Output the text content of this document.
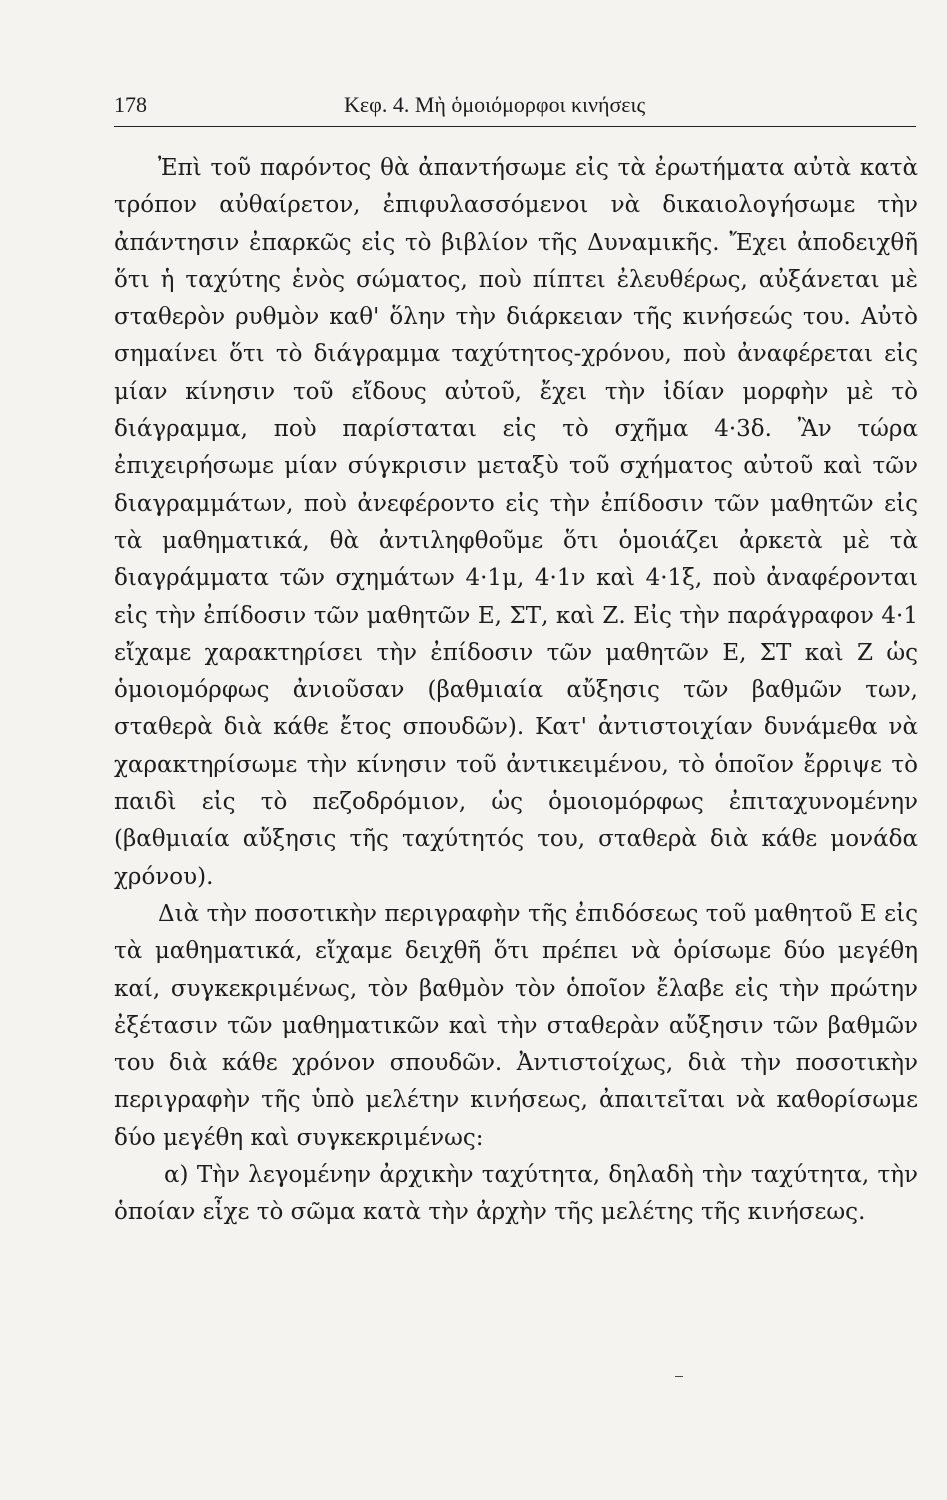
178	Κεφ. 4. Μὴ ὁμοιόμορφοι κινήσεις

Ἐπὶ τοῦ παρόντος θὰ ἀπαντήσωμε εἰς τὰ ἐρωτήματα αὐτὰ κατὰ τρόπον αὐθαίρετον, ἐπιφυλασσόμενοι νὰ δικαιολογήσωμε τὴν ἀπάντησιν ἐπαρκῶς εἰς τὸ βιβλίον τῆς Δυναμικῆς. Ἔχει ἀποδειχθῆ ὅτι ἡ ταχύτης ἑνὸς σώματος, ποὺ πίπτει ἐλευθέρως, αὐξάνεται μὲ σταθερὸν ρυθμὸν καθ' ὅλην τὴν διάρκειαν τῆς κινήσεώς του. Αὐτὸ σημαίνει ὅτι τὸ διάγραμμα ταχύτητος-χρόνου, ποὺ ἀναφέρεται εἰς μίαν κίνησιν τοῦ εἴδους αὐτοῦ, ἔχει τὴν ἰδίαν μορφὴν μὲ τὸ διάγραμμα, ποὺ παρίσταται εἰς τὸ σχῆμα 4·3δ. Ἂν τώρα ἐπιχειρήσωμε μίαν σύγκρισιν μεταξὺ τοῦ σχήματος αὐτοῦ καὶ τῶν διαγραμμάτων, ποὺ ἀνεφέροντο εἰς τὴν ἐπίδοσιν τῶν μαθητῶν εἰς τὰ μαθηματικά, θὰ ἀντιληφθοῦμε ὅτι ὁμοιάζει ἀρκετὰ μὲ τὰ διαγράμματα τῶν σχημάτων 4·1μ, 4·1ν καὶ 4·1ξ, ποὺ ἀναφέρονται εἰς τὴν ἐπίδοσιν τῶν μαθητῶν Ε, ΣΤ, καὶ Ζ. Εἰς τὴν παράγραφον 4·1 εἴχαμε χαρακτηρίσει τὴν ἐπίδοσιν τῶν μαθητῶν Ε, ΣΤ καὶ Ζ ὡς ὁμοιομόρφως ἀνιοῦσαν (βαθμιαία αὔξησις τῶν βαθμῶν των, σταθερὰ διὰ κάθε ἔτος σπουδῶν). Κατ' ἀντιστοιχίαν δυνάμεθα νὰ χαρακτηρίσωμε τὴν κίνησιν τοῦ ἀντικειμένου, τὸ ὁποῖον ἔρριψε τὸ παιδὶ εἰς τὸ πεζοδρόμιον, ὡς ὁμοιομόρφως ἐπιταχυνομένην (βαθμιαία αὔξησις τῆς ταχύτητός του, σταθερὰ διὰ κάθε μονάδα χρόνου).

Διὰ τὴν ποσοτικὴν περιγραφὴν τῆς ἐπιδόσεως τοῦ μαθητοῦ Ε εἰς τὰ μαθηματικά, εἴχαμε δειχθῆ ὅτι πρέπει νὰ ὁρίσωμε δύο μεγέθη καί, συγκεκριμένως, τὸν βαθμὸν τὸν ὁποῖον ἔλαβε εἰς τὴν πρώτην ἐξέτασιν τῶν μαθηματικῶν καὶ τὴν σταθερὰν αὔξησιν τῶν βαθμῶν του διὰ κάθε χρόνον σπουδῶν. Ἀντιστοίχως, διὰ τὴν ποσοτικὴν περιγραφὴν τῆς ὑπὸ μελέτην κινήσεως, ἀπαιτεῖται νὰ καθορίσωμε δύο μεγέθη καὶ συγκεκριμένως:

α) Τὴν λεγομένην ἀρχικὴν ταχύτητα, δηλαδὴ τὴν ταχύτητα, τὴν ὁποίαν εἶχε τὸ σῶμα κατὰ τὴν ἀρχὴν τῆς μελέτης τῆς κινήσεως.
